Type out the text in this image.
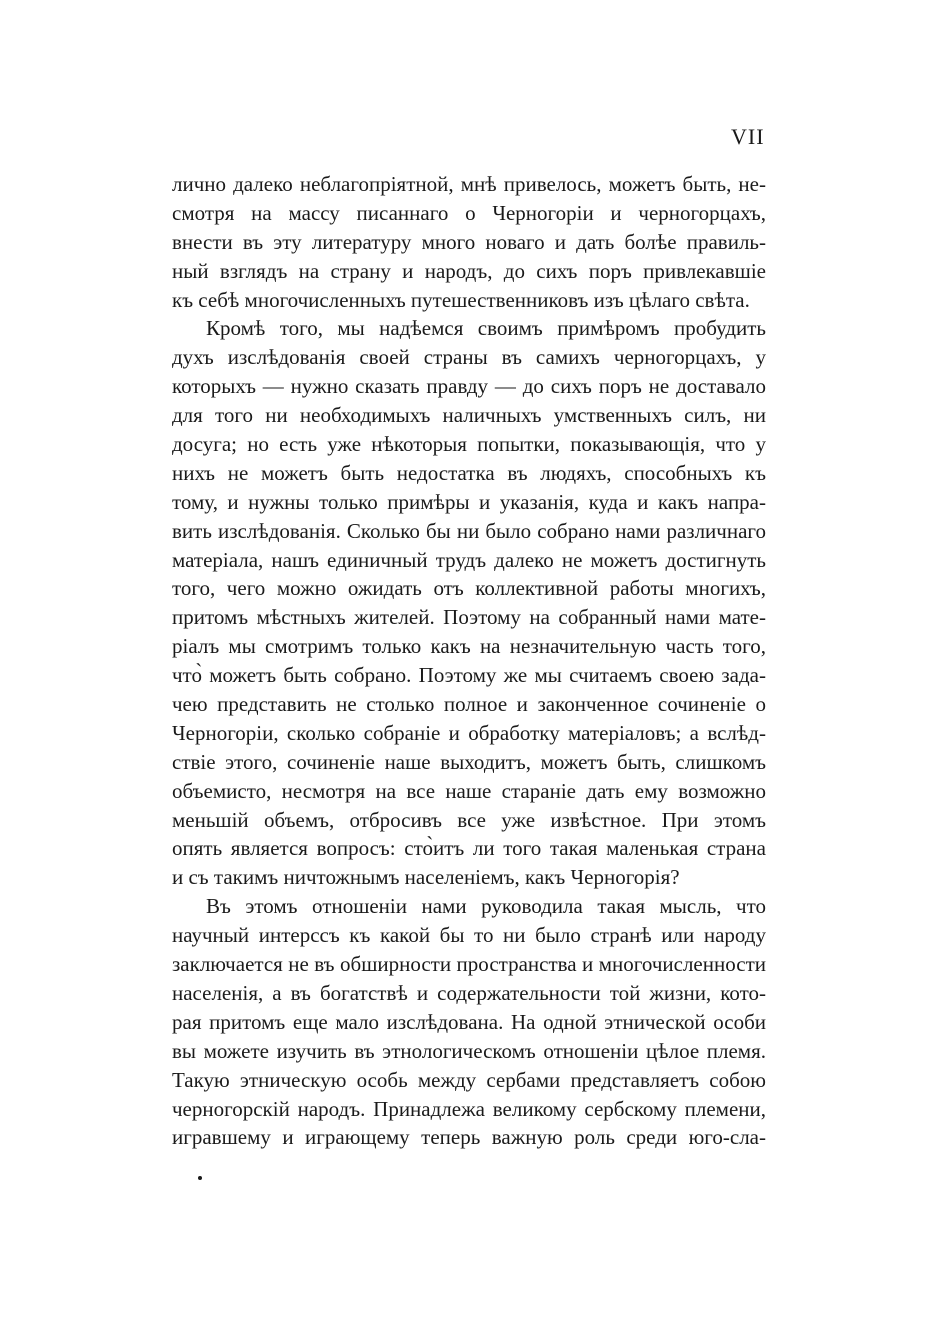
VII
лично далеко неблагопріятной, мнѣ привелось, можетъ быть, не-
смотря на массу писаннаго о Черногоріи и черногорцахъ,
внести въ эту литературу много новаго и дать болѣе правиль-
ный взглядъ на страну и народъ, до сихъ поръ привлекавшіе
къ себѣ многочисленныхъ путешественниковъ изъ цѣлаго свѣта.
Кромѣ того, мы надѣемся своимъ примѣромъ пробудить
духъ изслѣдованія своей страны въ самихъ черногорцахъ, у
которыхъ — нужно сказать правду — до сихъ поръ не доставало
для того ни необходимыхъ наличныхъ умственныхъ силъ, ни
досуга; но есть уже нѣкоторыя попытки, показывающія, что у
нихъ не можетъ быть недостатка въ людяхъ, способныхъ къ
тому, и нужны только примѣры и указанія, куда и какъ напра-
вить изслѣдованія. Сколько бы ни было собрано нами различнаго
матеріала, нашъ единичный трудъ далеко не можетъ достигнуть
того, чего можно ожидать отъ коллективной работы многихъ,
притомъ мѣстныхъ жителей. Поэтому на собранный нами мате-
ріалъ мы смотримъ только какъ на незначительную часть того,
что̀ можетъ быть собрано. Поэтому же мы считаемъ своею зада-
чею представить не столько полное и законченное сочиненіе о
Черногоріи, сколько собраніе и обработку матеріаловъ; а вслѣд-
ствіе этого, сочиненіе наше выходитъ, можетъ быть, слишкомъ
объемисто, несмотря на все наше стараніе дать ему возможно
меньшій объемъ, отбросивъ все уже извѣстное. При этомъ
опять является вопросъ: сто̀итъ ли того такая маленькая страна
и съ такимъ ничтожнымъ населеніемъ, какъ Черногорія?
Въ этомъ отношеніи нами руководила такая мысль, что
научный интерссъ къ какой бы то ни было странѣ или народу
заключается не въ обширности пространства и многочисленности
населенія, а въ богатствѣ и содержательности той жизни, кото-
рая притомъ еще мало изслѣдована. На одной этнической особи
вы можете изучить въ этнологическомъ отношеніи цѣлое племя.
Такую этническую особь между сербами представляетъ собою
черногорскій народъ. Принадлежа великому сербскому племени,
игравшему и играющему теперь важную роль среди юго-сла-
